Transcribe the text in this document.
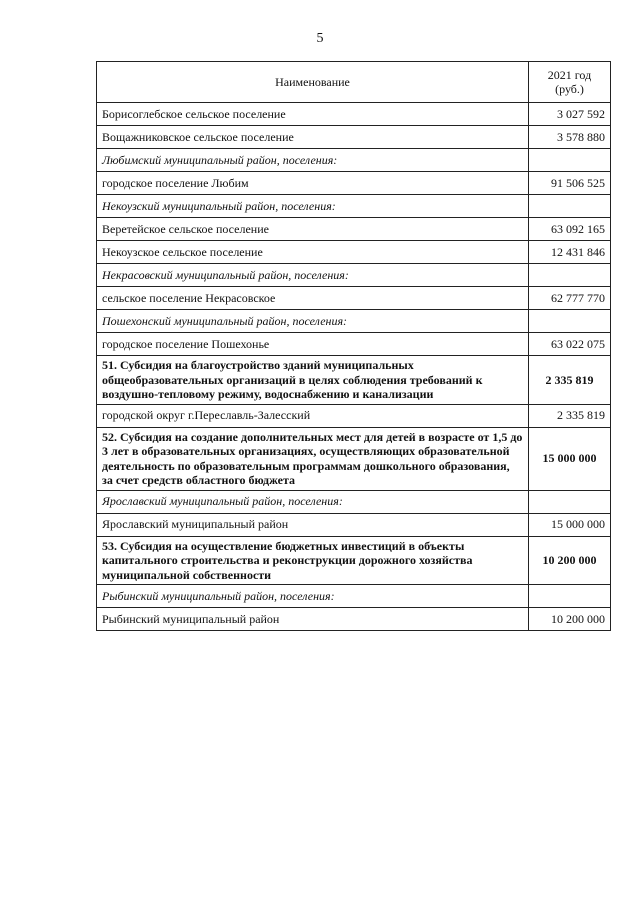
5
Наименование	2021 год
(руб.)
Борисоглебское сельское поселение	3 027 592
Вощажниковское сельское поселение	3 578 880
Любимский муниципальный район, поселения:	
городское поселение Любим	91 506 525
Некоузский муниципальный район, поселения:	
Веретейское сельское поселение	63 092 165
Некоузское сельское поселение	12 431 846
Некрасовский муниципальный район, поселения:	
сельское поселение Некрасовское	62 777 770
Пошехонский муниципальный район, поселения:	
городское поселение Пошехонье	63 022 075
51. Субсидия на благоустройство зданий муниципальных общеобразовательных организаций в целях соблюдения требований к воздушно-тепловому режиму, водоснабжению и канализации	2 335 819
городской округ г.Переславль-Залесский	2 335 819
52. Субсидия на создание дополнительных мест для детей в возрасте от 1,5 до 3 лет в образовательных организациях, осуществляющих образовательной деятельность по образовательным программам дошкольного образования, за счет средств областного бюджета	15 000 000
Ярославский муниципальный район, поселения:	
Ярославский муниципальный район	15 000 000
53. Субсидия на осуществление бюджетных инвестиций в объекты капитального строительства и реконструкции дорожного хозяйства муниципальной собственности	10 200 000
Рыбинский муниципальный район, поселения:	
Рыбинский муниципальный район	10 200 000
